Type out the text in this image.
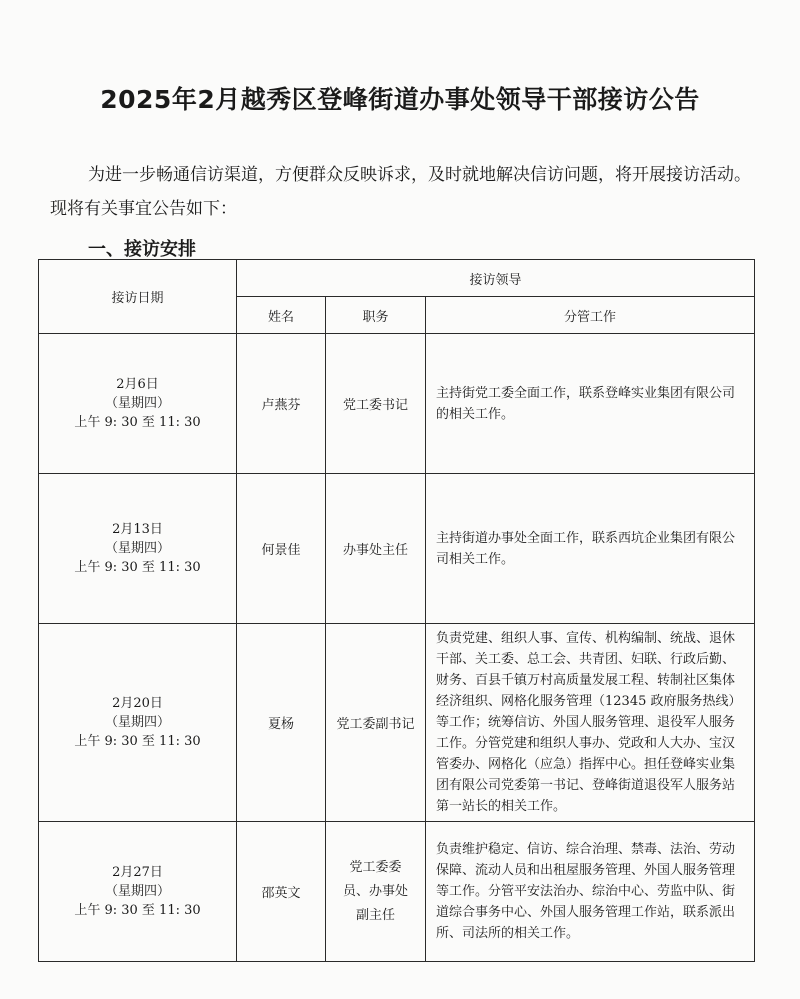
2025年2月越秀区登峰街道办事处领导干部接访公告
为进一步畅通信访渠道，方便群众反映诉求，及时就地解决信访问题，将开展接访活动。现将有关事宜公告如下：
一、接访安排
接访日期	接访领导		
	姓名	职务	分管工作

2月6日
（星期四）
上午 9: 30 至 11: 30	卢燕芬	党工委书记	主持街党工委全面工作，联系登峰实业集团有限公司的相关工作。

2月13日
（星期四）
上午 9: 30 至 11: 30	何景佳	办事处主任	主持街道办事处全面工作，联系西坑企业集团有限公司相关工作。

2月20日
（星期四）
上午 9: 30 至 11: 30	夏杨	党工委副书记	负责党建、组织人事、宣传、机构编制、统战、退休干部、关工委、总工会、共青团、妇联、行政后勤、财务、百县千镇万村高质量发展工程、转制社区集体经济组织、网格化服务管理（12345 政府服务热线）等工作；统筹信访、外国人服务管理、退役军人服务工作。分管党建和组织人事办、党政和人大办、宝汉管委办、网格化（应急）指挥中心。担任登峰实业集团有限公司党委第一书记、登峰街道退役军人服务站第一站长的相关工作。

2月27日
（星期四）
上午 9: 30 至 11: 30	邵英文	党工委委员、办事处副主任	负责维护稳定、信访、综合治理、禁毒、法治、劳动保障、流动人员和出租屋服务管理、外国人服务管理等工作。分管平安法治办、综治中心、劳监中队、街道综合事务中心、外国人服务管理工作站，联系派出所、司法所的相关工作。
